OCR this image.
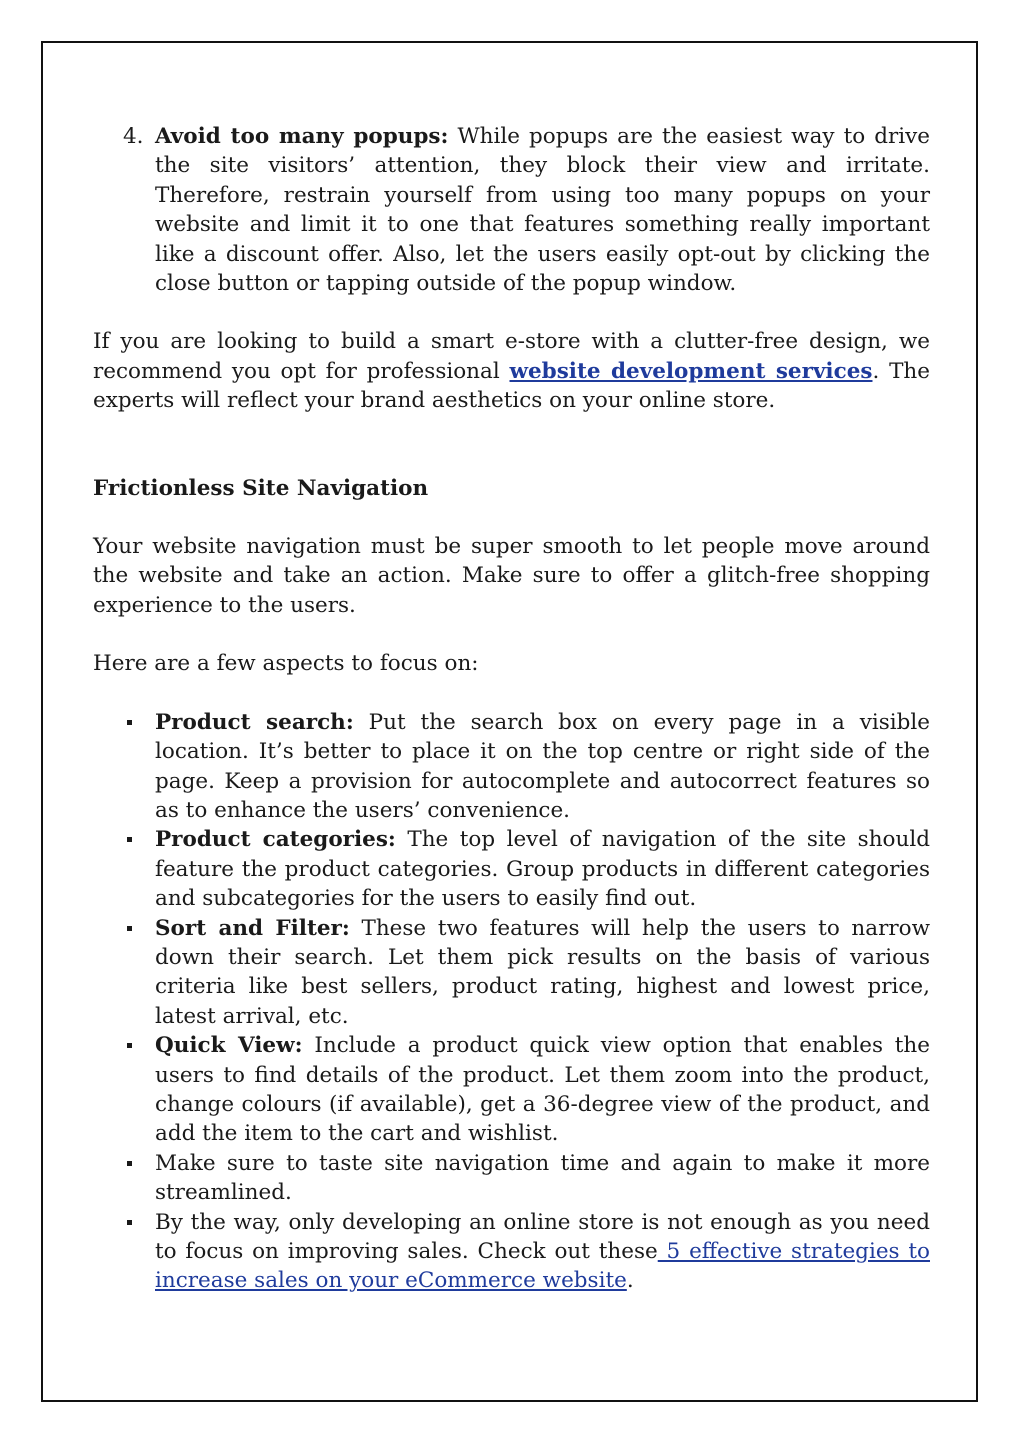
4. Avoid too many popups: While popups are the easiest way to drive the site visitors’ attention, they block their view and irritate. Therefore, restrain yourself from using too many popups on your website and limit it to one that features something really important like a discount offer. Also, let the users easily opt-out by clicking the close button or tapping outside of the popup window.

If you are looking to build a smart e-store with a clutter-free design, we recommend you opt for professional website development services. The experts will reflect your brand aesthetics on your online store.

Frictionless Site Navigation

Your website navigation must be super smooth to let people move around the website and take an action. Make sure to offer a glitch-free shopping experience to the users.

Here are a few aspects to focus on:

Product search: Put the search box on every page in a visible location. It’s better to place it on the top centre or right side of the page. Keep a provision for autocomplete and autocorrect features so as to enhance the users’ convenience.
Product categories: The top level of navigation of the site should feature the product categories. Group products in different categories and subcategories for the users to easily find out.
Sort and Filter: These two features will help the users to narrow down their search. Let them pick results on the basis of various criteria like best sellers, product rating, highest and lowest price, latest arrival, etc.
Quick View: Include a product quick view option that enables the users to find details of the product. Let them zoom into the product, change colours (if available), get a 36-degree view of the product, and add the item to the cart and wishlist.
Make sure to taste site navigation time and again to make it more streamlined.
By the way, only developing an online store is not enough as you need to focus on improving sales. Check out these 5 effective strategies to increase sales on your eCommerce website.
